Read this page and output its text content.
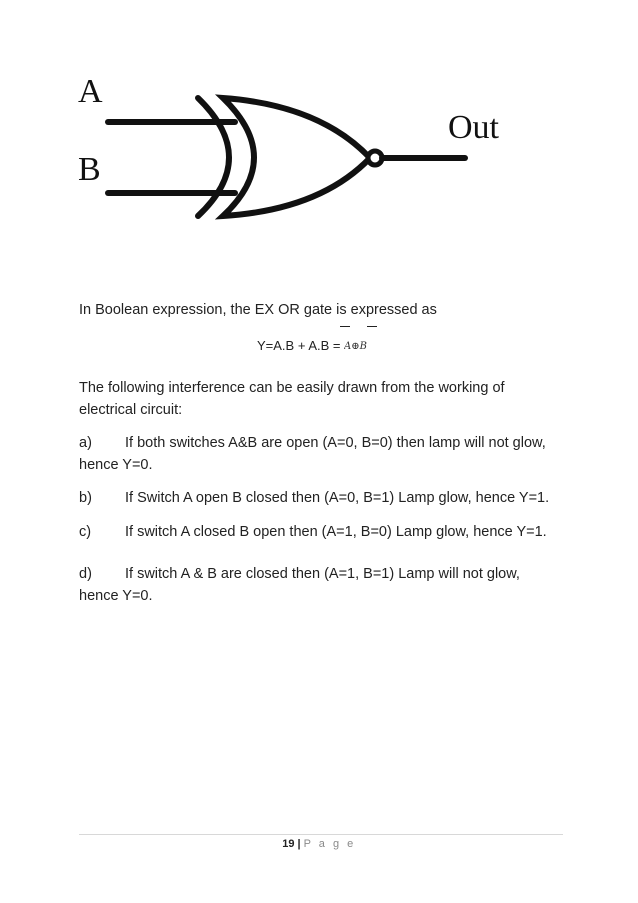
A
B
Out

In Boolean expression, the EX OR gate is expressed as

Y=A.B + A.B = A⊕B

The following interference can be easily drawn from the working of electrical circuit:

a) If both switches A&B are open (A=0, B=0) then lamp will not glow, hence Y=0.

b) If Switch A open B closed then (A=0, B=1) Lamp glow, hence Y=1.

c) If switch A closed B open then (A=1, B=0) Lamp glow, hence Y=1.

d) If switch A & B are closed then (A=1, B=1) Lamp will not glow, hence Y=0.

19 | P a g e
